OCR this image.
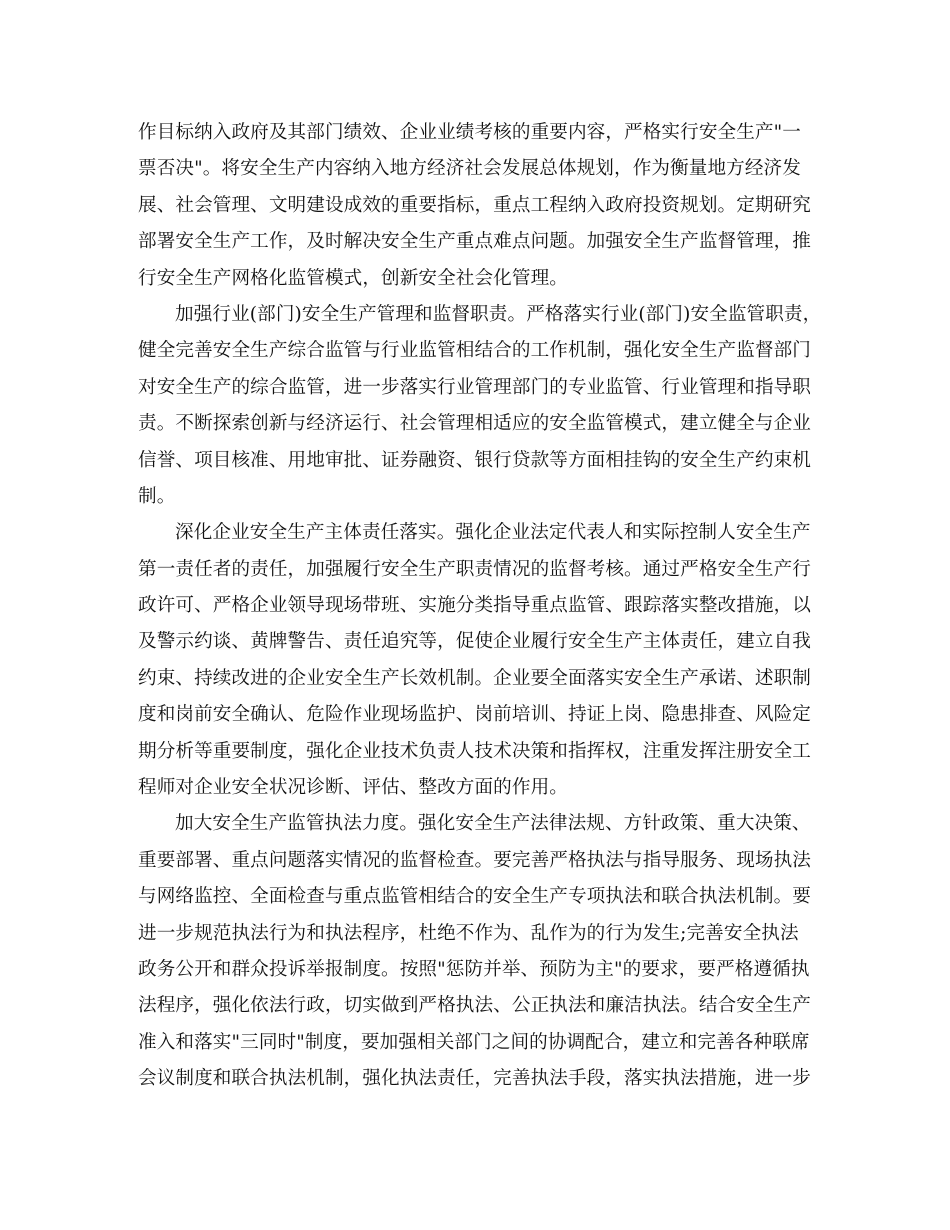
作目标纳入政府及其部门绩效、企业业绩考核的重要内容，严格实行安全生产"一
票否决"。将安全生产内容纳入地方经济社会发展总体规划，作为衡量地方经济发
展、社会管理、文明建设成效的重要指标，重点工程纳入政府投资规划。定期研究
部署安全生产工作，及时解决安全生产重点难点问题。加强安全生产监督管理，推
行安全生产网格化监管模式，创新安全社会化管理。
加强行业(部门)安全生产管理和监督职责。严格落实行业(部门)安全监管职责，
健全完善安全生产综合监管与行业监管相结合的工作机制，强化安全生产监督部门
对安全生产的综合监管，进一步落实行业管理部门的专业监管、行业管理和指导职
责。不断探索创新与经济运行、社会管理相适应的安全监管模式，建立健全与企业
信誉、项目核准、用地审批、证券融资、银行贷款等方面相挂钩的安全生产约束机
制。
深化企业安全生产主体责任落实。强化企业法定代表人和实际控制人安全生产
第一责任者的责任，加强履行安全生产职责情况的监督考核。通过严格安全生产行
政许可、严格企业领导现场带班、实施分类指导重点监管、跟踪落实整改措施，以
及警示约谈、黄牌警告、责任追究等，促使企业履行安全生产主体责任，建立自我
约束、持续改进的企业安全生产长效机制。企业要全面落实安全生产承诺、述职制
度和岗前安全确认、危险作业现场监护、岗前培训、持证上岗、隐患排查、风险定
期分析等重要制度，强化企业技术负责人技术决策和指挥权，注重发挥注册安全工
程师对企业安全状况诊断、评估、整改方面的作用。
加大安全生产监管执法力度。强化安全生产法律法规、方针政策、重大决策、
重要部署、重点问题落实情况的监督检查。要完善严格执法与指导服务、现场执法
与网络监控、全面检查与重点监管相结合的安全生产专项执法和联合执法机制。要
进一步规范执法行为和执法程序，杜绝不作为、乱作为的行为发生;完善安全执法
政务公开和群众投诉举报制度。按照"惩防并举、预防为主"的要求，要严格遵循执
法程序，强化依法行政，切实做到严格执法、公正执法和廉洁执法。结合安全生产
准入和落实"三同时"制度，要加强相关部门之间的协调配合，建立和完善各种联席
会议制度和联合执法机制，强化执法责任，完善执法手段，落实执法措施，进一步
